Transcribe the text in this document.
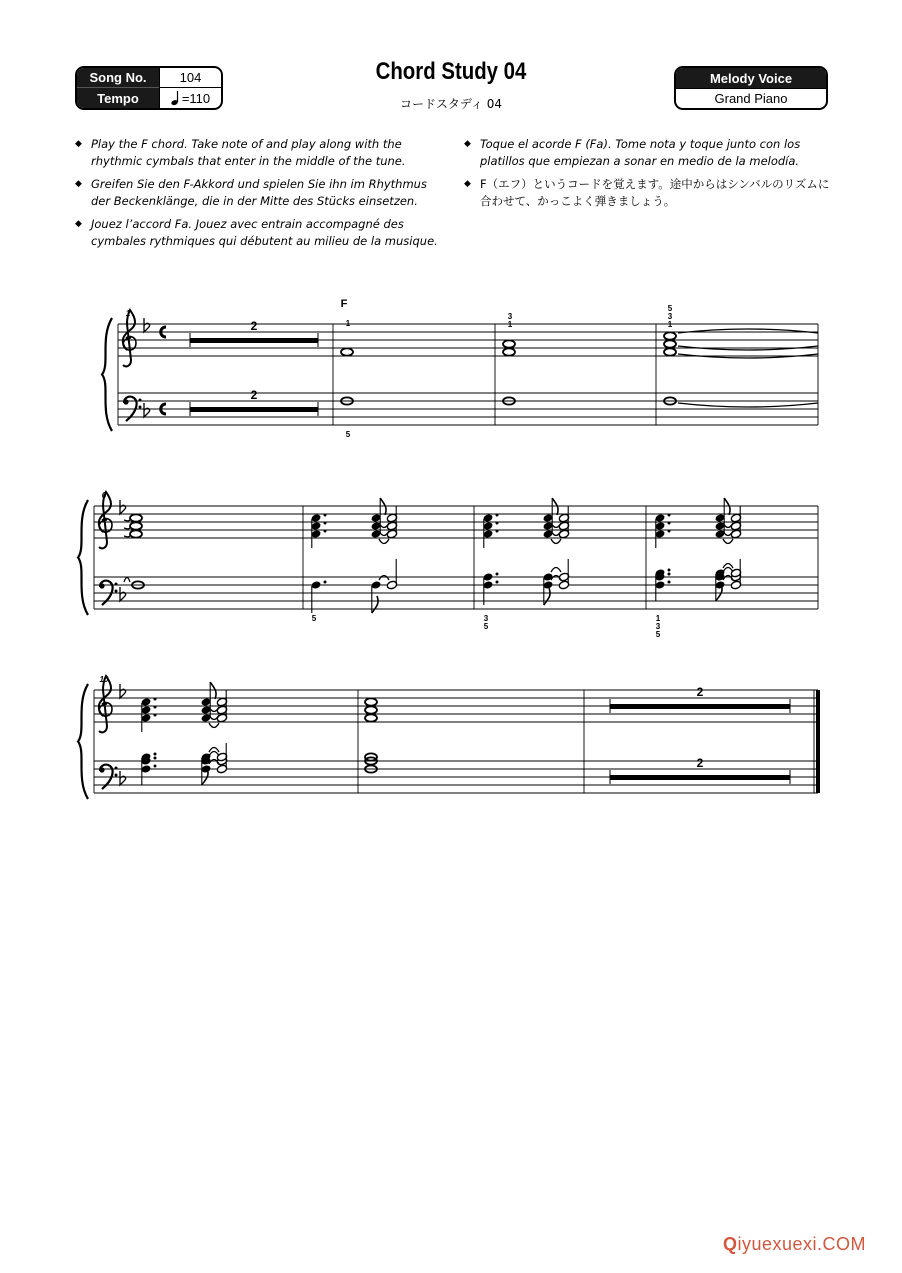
Song No.	104
Tempo	=110
Chord Study 04
コードスタディ 04
Melody Voice
Grand Piano
◆ Play the F chord. Take note of and play along with the rhythmic cymbals that enter in the middle of the tune.
◆ Greifen Sie den F-Akkord und spielen Sie ihn im Rhythmus der Beckenklänge, die in der Mitte des Stücks einsetzen.
◆ Jouez l’accord Fa. Jouez avec entrain accompagné des cymbales rythmiques qui débutent au milieu de la musique.
◆ Toque el acorde F (Fa). Tome nota y toque junto con los platillos que empiezan a sonar en medio de la melodía.
◆ F（エフ）というコードを覚えます。途中からはシンバルのリズムに合わせて、かっこよく弾きましょう。
1
2
2
F
1
5
3
1
5
3
1
6
5	3
5
1
3
5
10
2
2
Qiyuexuexi.COM
